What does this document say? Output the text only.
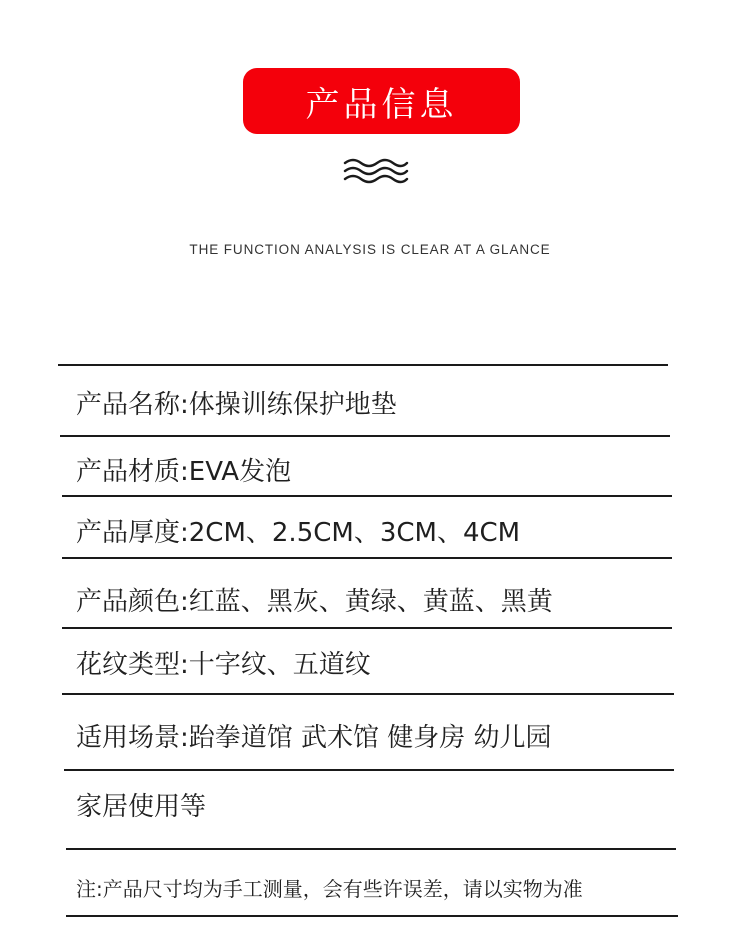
产品信息
THE FUNCTION ANALYSIS IS CLEAR AT A GLANCE
产品名称:体操训练保护地垫
产品材质:EVA发泡
产品厚度:2CM、2.5CM、3CM、4CM
产品颜色:红蓝、黑灰、黄绿、黄蓝、黑黄
花纹类型:十字纹、五道纹
适用场景:跆拳道馆 武术馆 健身房 幼儿园
家居使用等
注:产品尺寸均为手工测量，会有些许误差，请以实物为准
